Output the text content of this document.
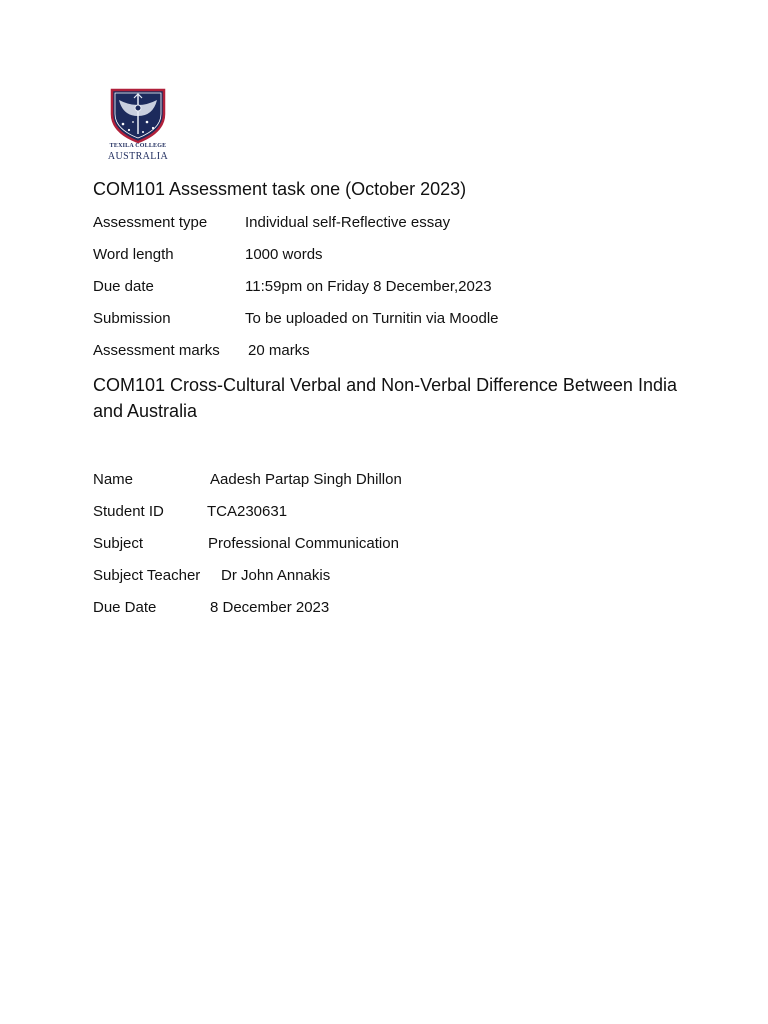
TEXILA COLLEGE
AUSTRALIA
COM101 Assessment task one (October 2023)
Assessment type	Individual self-Reflective essay
Word length	1000 words
Due date	11:59pm on Friday 8 December,2023
Submission	To be uploaded on Turnitin via Moodle
Assessment marks 20 marks
COM101 Cross-Cultural Verbal and Non-Verbal Difference Between India and Australia
Name	Aadesh Partap Singh Dhillon
Student ID	TCA230631
Subject	Professional Communication
Subject Teacher Dr John Annakis
Due Date	8 December 2023
